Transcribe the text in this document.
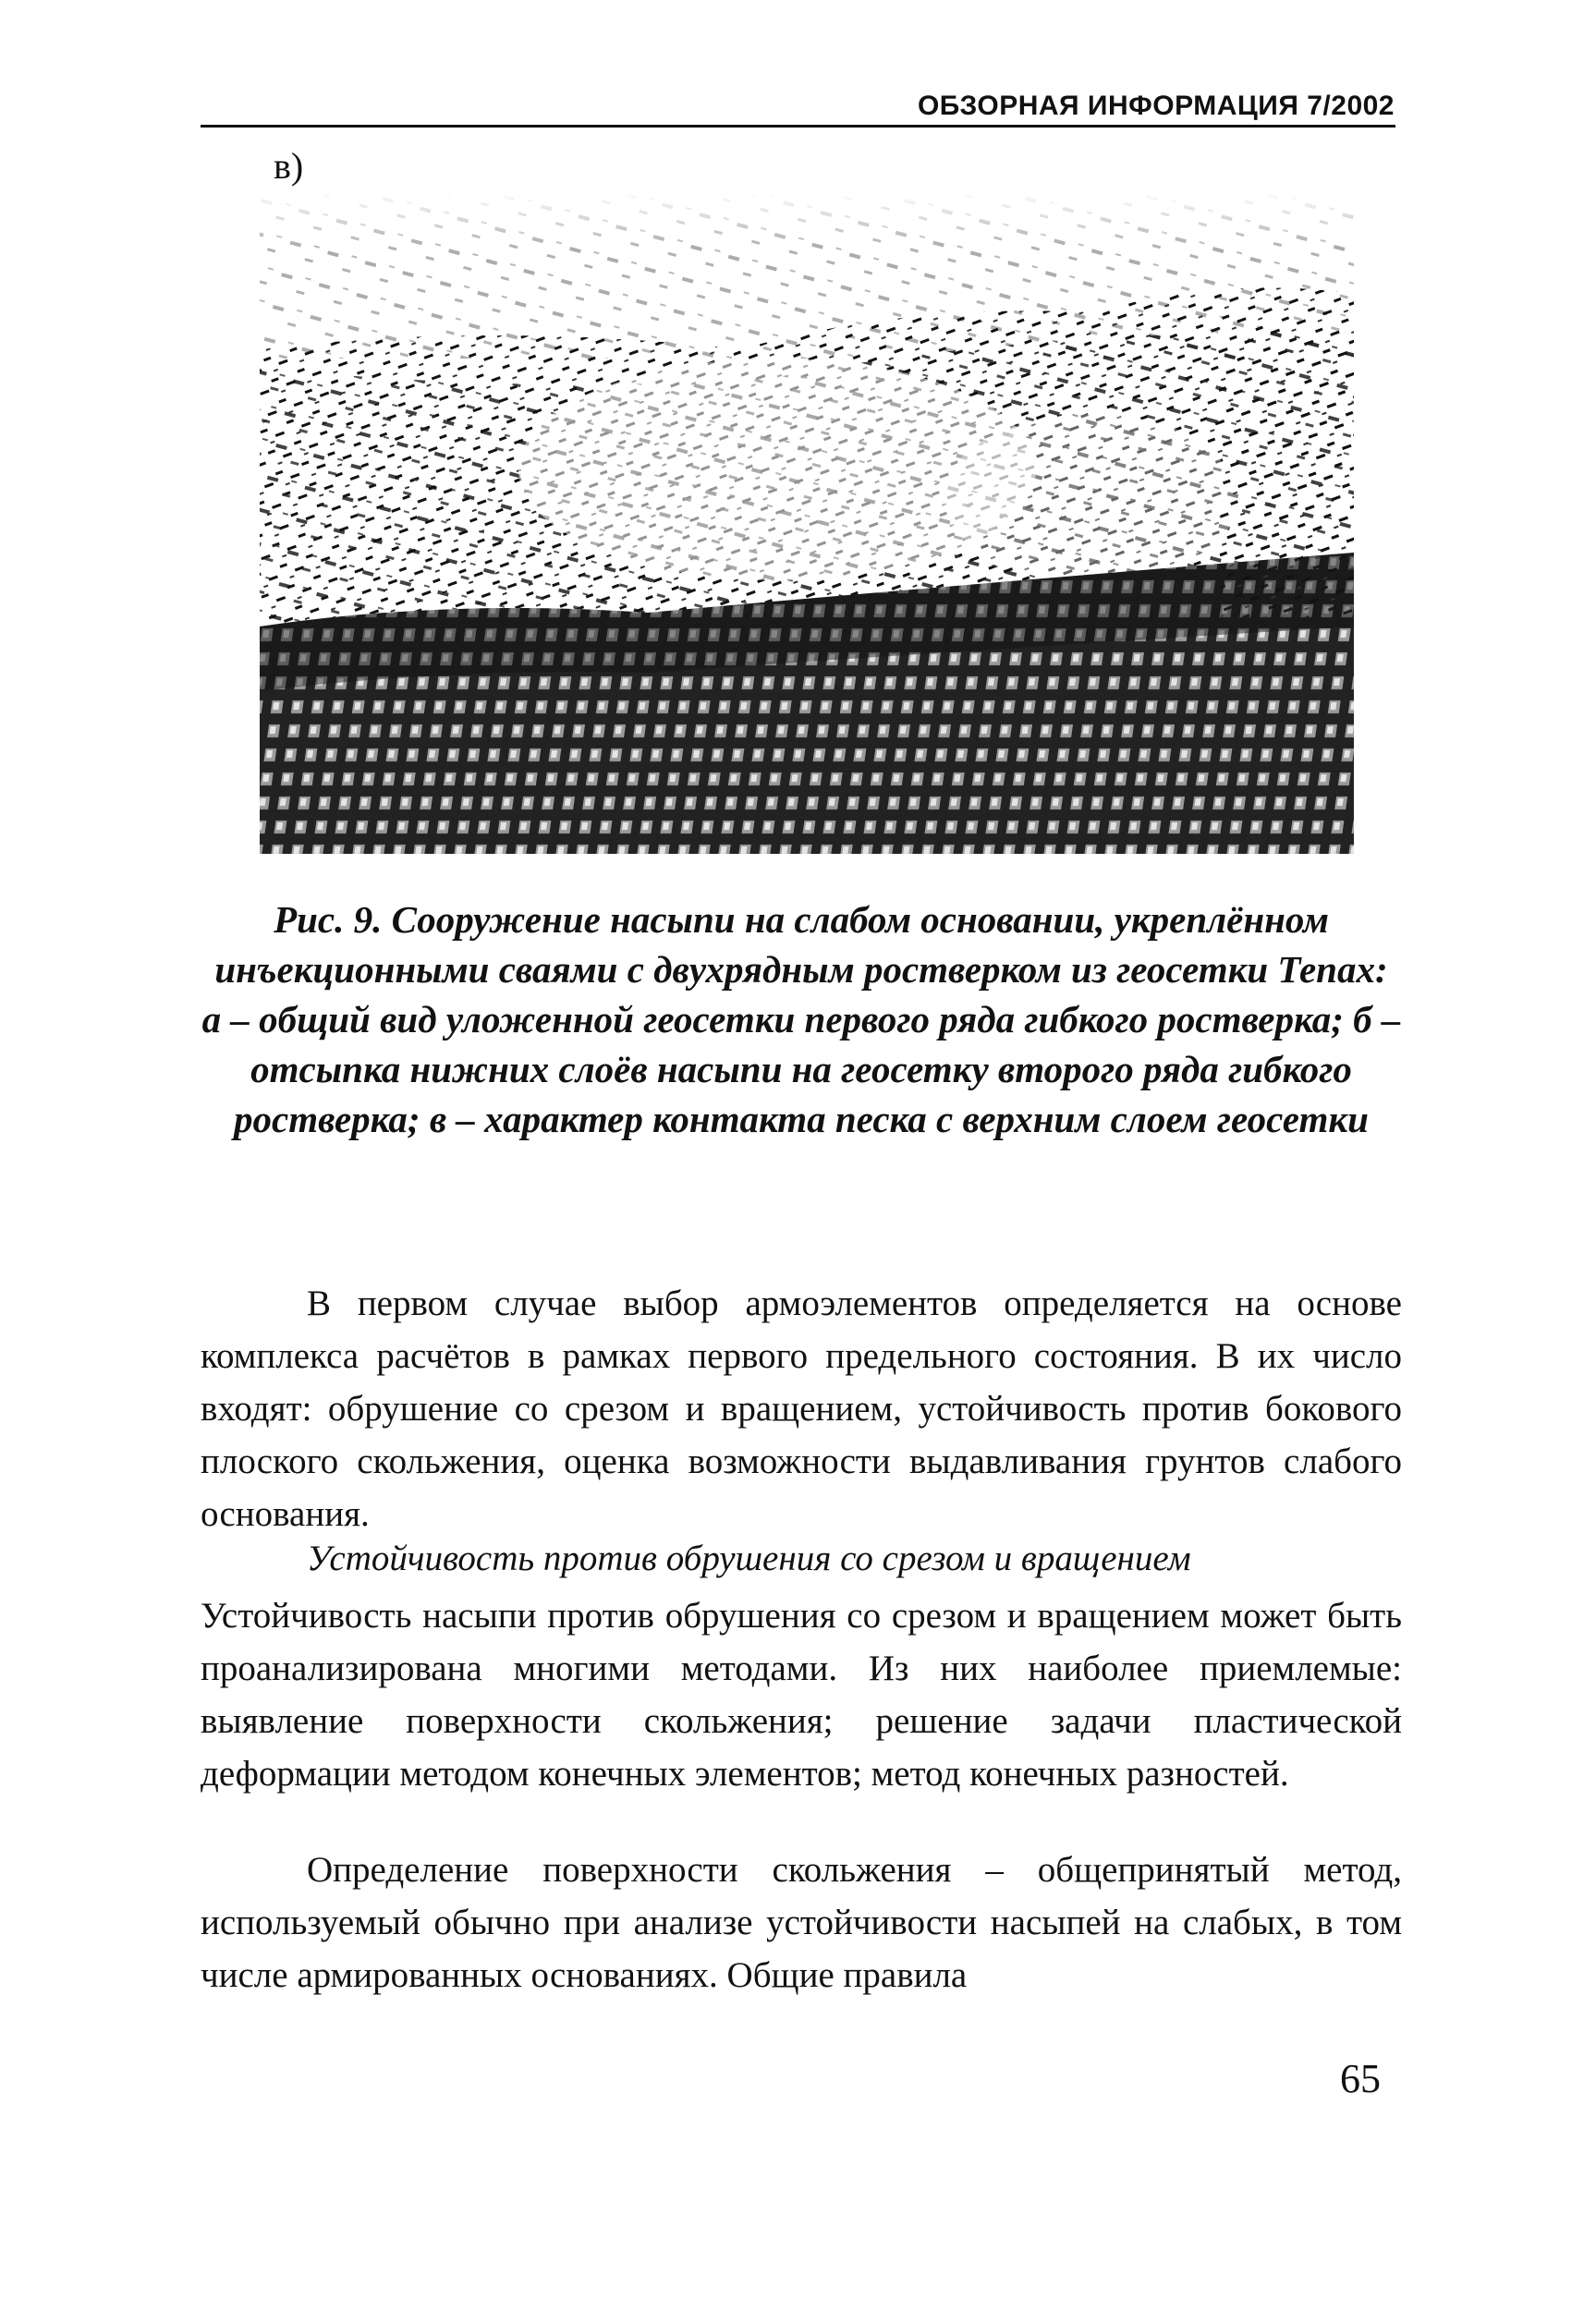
ОБЗОРНАЯ ИНФОРМАЦИЯ 7/2002
в)

Рис. 9. Сооружение насыпи на слабом основании, укреплённом инъекционными сваями с двухрядным ростверком из геосетки Тепах:

а – общий вид уложенной геосетки первого ряда гибкого ростверка; б – отсыпка нижних слоёв насыпи на геосетку второго ряда гибкого ростверка; в – характер контакта песка с верхним слоем геосетки

В первом случае выбор армоэлементов определяется на основе комплекса расчётов в рамках первого предельного состояния. В их число входят: обрушение со срезом и вращением, устойчивость против бокового плоского скольжения, оценка возможности выдавливания грунтов слабого основания.

Устойчивость против обрушения со срезом и вращением

Устойчивость насыпи против обрушения со срезом и вращением может быть проанализирована многими методами. Из них наиболее приемлемые: выявление поверхности скольжения; решение задачи пластической деформации методом конечных элементов; метод конечных разностей.

Определение поверхности скольжения – общепринятый метод, используемый обычно при анализе устойчивости насыпей на слабых, в том числе армированных основаниях. Общие правила

65
